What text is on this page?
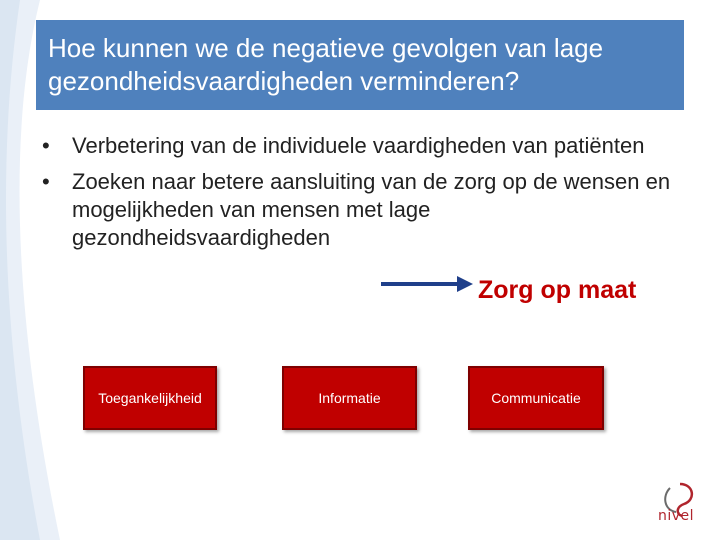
Hoe kunnen we de negatieve gevolgen van lage gezondheidsvaardigheden verminderen?
• Verbetering van de individuele vaardigheden van patiënten
• Zoeken naar betere aansluiting van de zorg op de wensen en mogelijkheden van mensen met lage gezondheidsvaardigheden
Zorg op maat
Toegankelijkheid	Informatie	Communicatie
nivel
